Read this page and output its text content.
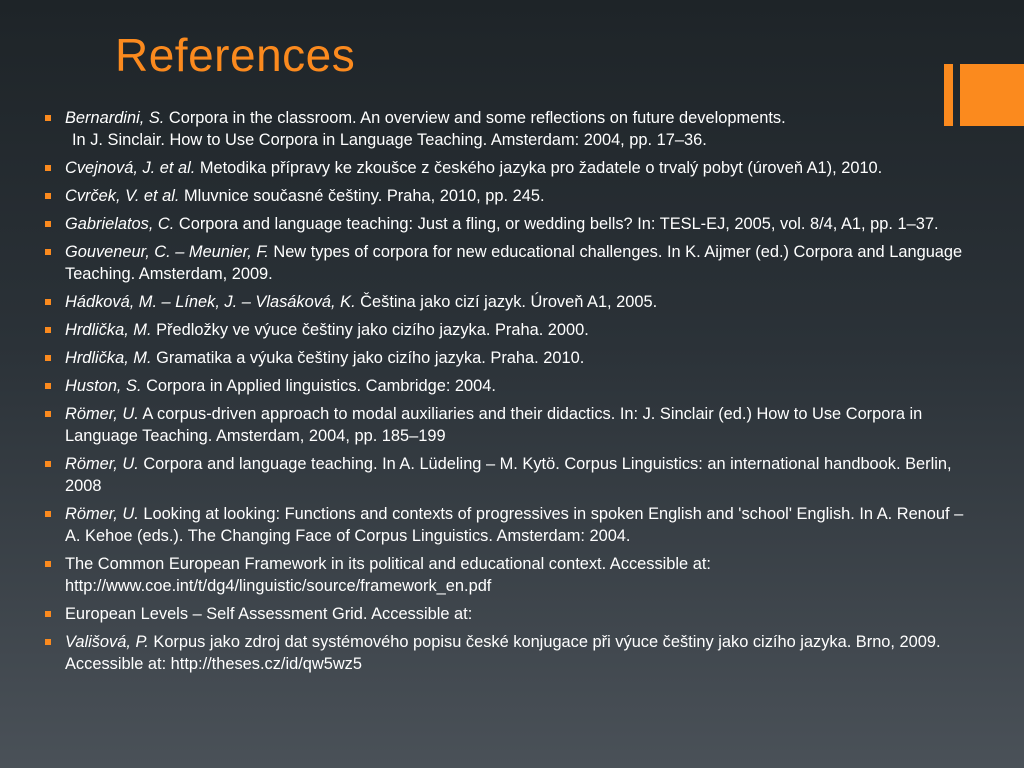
References
Bernardini, S. Corpora in the classroom. An overview and some reflections on future developments.
In J. Sinclair. How to Use Corpora in Language Teaching. Amsterdam: 2004, pp. 17–36.
Cvejnová, J. et al. Metodika přípravy ke zkoušce z českého jazyka pro žadatele o trvalý pobyt (úroveň A1), 2010.
Cvrček, V. et al. Mluvnice současné češtiny. Praha, 2010, pp. 245.
Gabrielatos, C. Corpora and language teaching: Just a fling, or wedding bells? In: TESL-EJ, 2005, vol. 8/4, A1, pp. 1–37.
Gouveneur, C. – Meunier, F. New types of corpora for new educational challenges. In K. Aijmer (ed.) Corpora and Language Teaching. Amsterdam, 2009.
Hádková, M. – Línek, J. – Vlasáková, K. Čeština jako cizí jazyk. Úroveň A1, 2005.
Hrdlička, M. Předložky ve výuce češtiny jako cizího jazyka. Praha. 2000.
Hrdlička, M. Gramatika a výuka češtiny jako cizího jazyka. Praha. 2010.
Huston, S. Corpora in Applied linguistics. Cambridge: 2004.
Römer, U. A corpus-driven approach to modal auxiliaries and their didactics. In: J. Sinclair (ed.) How to Use Corpora in Language Teaching. Amsterdam, 2004, pp. 185–199
Römer, U. Corpora and language teaching. In A. Lüdeling – M. Kytö. Corpus Linguistics: an international handbook. Berlin, 2008
Römer, U. Looking at looking: Functions and contexts of progressives in spoken English and 'school' English. In A. Renouf – A. Kehoe (eds.). The Changing Face of Corpus Linguistics. Amsterdam: 2004.
The Common European Framework in its political and educational context. Accessible at: http://www.coe.int/t/dg4/linguistic/source/framework_en.pdf
European Levels – Self Assessment Grid. Accessible at:
Vališová, P. Korpus jako zdroj dat systémového popisu české konjugace při výuce češtiny jako cizího jazyka. Brno, 2009. Accessible at: http://theses.cz/id/qw5wz5
